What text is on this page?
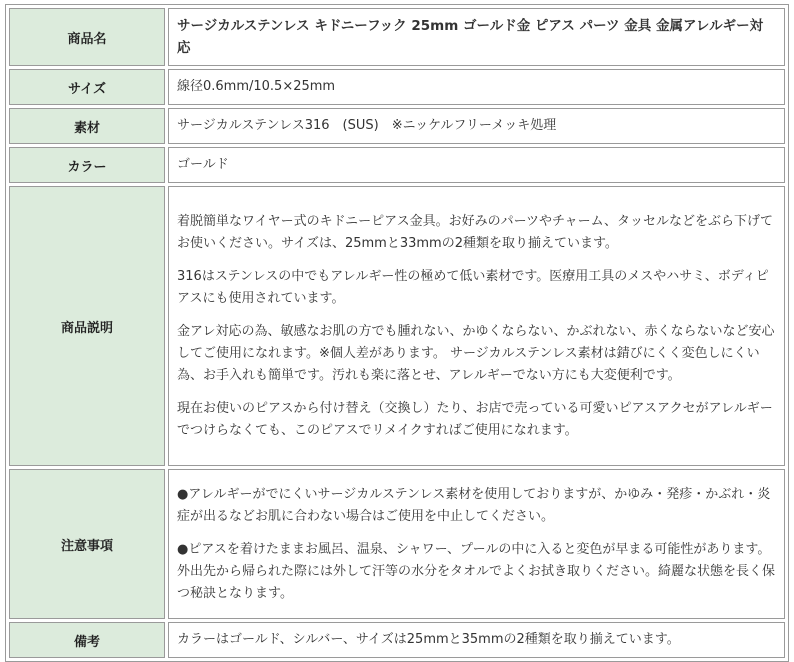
商品名	サージカルステンレス キドニーフック 25mm ゴールド金 ピアス パーツ 金具 金属アレルギー対応
サイズ	線径0.6mm/10.5×25mm
素材	サージカルステンレス316　(SUS)　※ニッケルフリーメッキ処理
カラー	ゴールド
商品説明	着脱簡単なワイヤー式のキドニーピアス金具。お好みのパーツやチャーム、タッセルなどをぶら下げてお使いください。サイズは、25mmと33mmの2種類を取り揃えています。

316はステンレスの中でもアレルギー性の極めて低い素材です。医療用工具のメスやハサミ、ボディピアスにも使用されています。

金アレ対応の為、敏感なお肌の方でも腫れない、かゆくならない、かぶれない、赤くならないなど安心してご使用になれます。※個人差があります。 サージカルステンレス素材は錆びにくく変色しにくい為、お手入れも簡単です。汚れも楽に落とせ、アレルギーでない方にも大変便利です。

現在お使いのピアスから付け替え（交換し）たり、お店で売っている可愛いピアスアクセがアレルギーでつけらなくても、このピアスでリメイクすればご使用になれます。

注意事項	●アレルギーがでにくいサージカルステンレス素材を使用しておりますが、かゆみ・発疹・かぶれ・炎症が出るなどお肌に合わない場合はご使用を中止してください。

●ピアスを着けたままお風呂、温泉、シャワー、プールの中に入ると変色が早まる可能性があります。外出先から帰られた際には外して汗等の水分をタオルでよくお拭き取りください。綺麗な状態を長く保つ秘訣となります。

備考	カラーはゴールド、シルバー、サイズは25mmと35mmの2種類を取り揃えています。
